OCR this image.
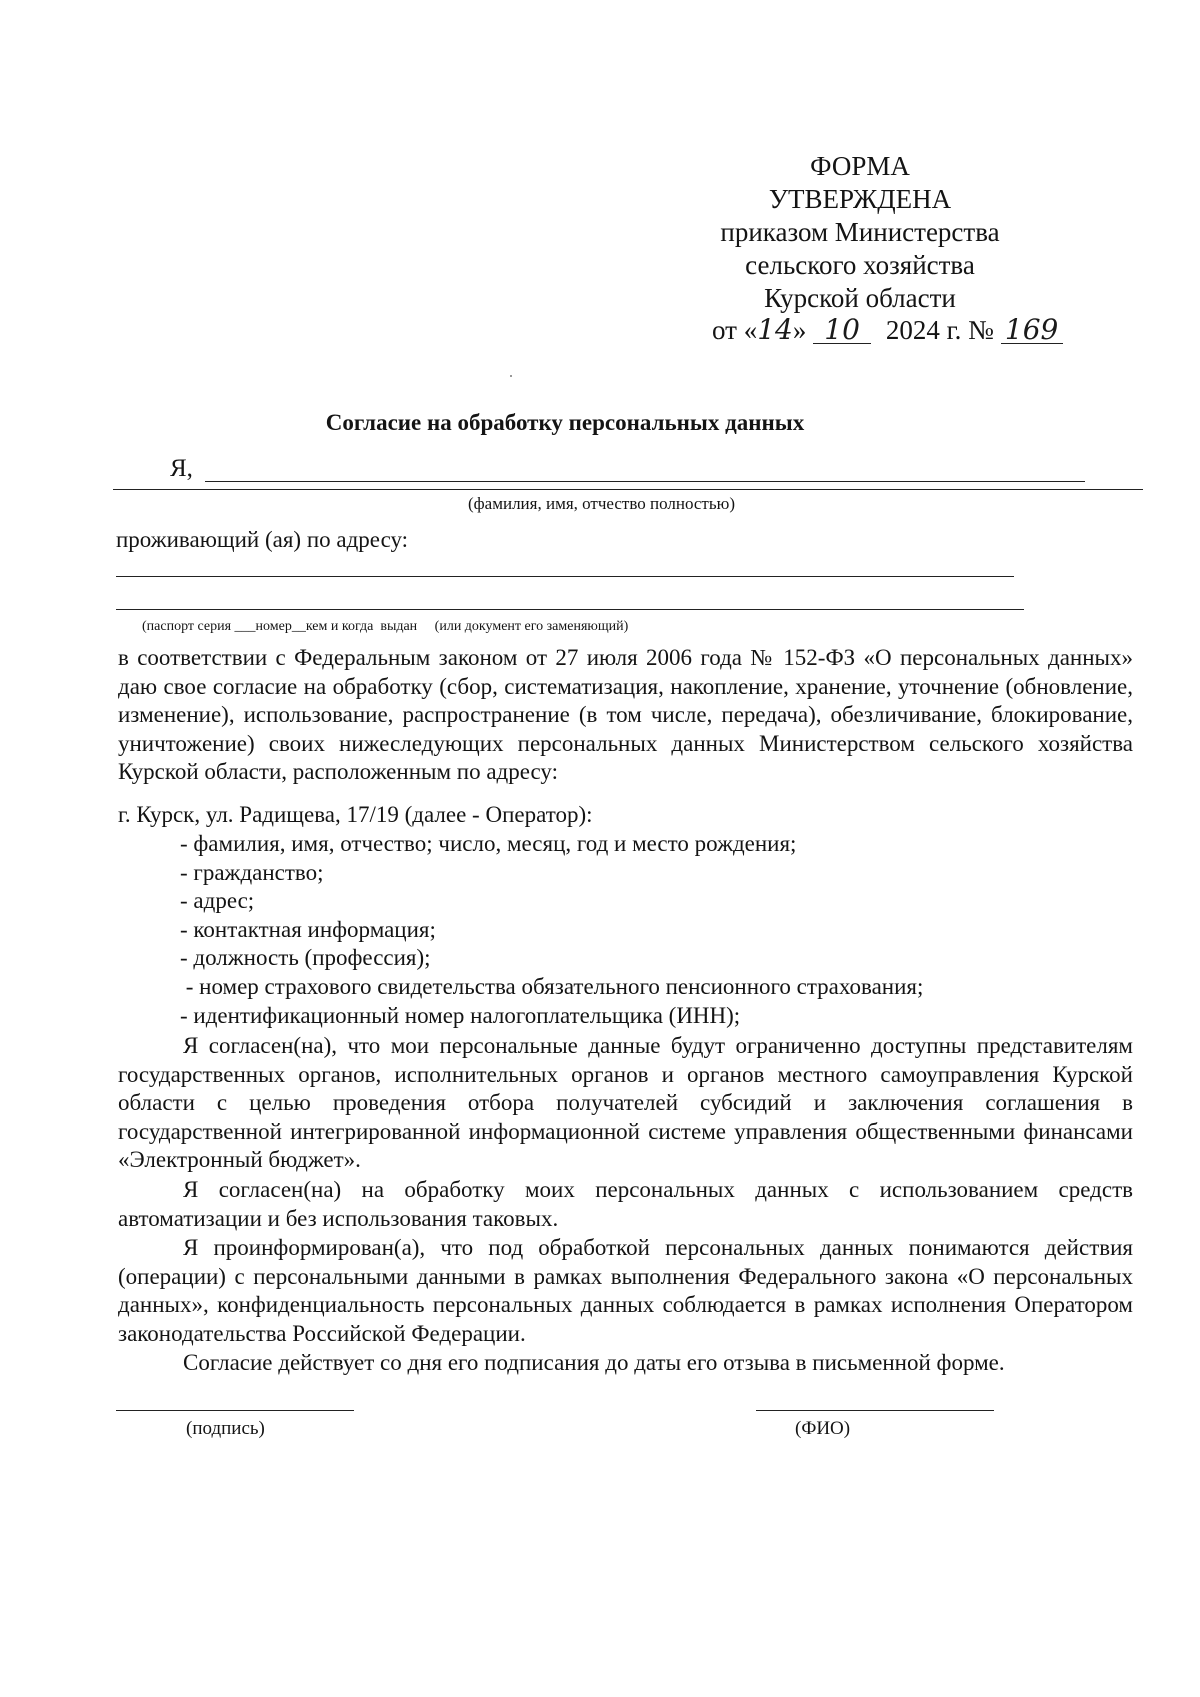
ФОРМА
УТВЕРЖДЕНА
приказом Министерства
сельского хозяйства
Курской области
от «14» 10 2024 г. № 169
Согласие на обработку персональных данных
Я,
(фамилия, имя, отчество полностью)
проживающий (ая) по адресу:
(паспорт серия ___номер__кем и когда  выдан     (или документ его заменяющий)
в соответствии с Федеральным законом от 27 июля 2006 года № 152-ФЗ «О персональных данных» даю свое согласие на обработку (сбор, систематизация, накопление, хранение, уточнение (обновление, изменение), использование, распространение (в том числе, передача), обезличивание, блокирование, уничтожение) своих нижеследующих персональных данных Министерством сельского хозяйства Курской области, расположенным по адресу:
г. Курск, ул. Радищева, 17/19 (далее - Оператор):
- фамилия, имя, отчество; число, месяц, год и место рождения;
- гражданство;
- адрес;
- контактная информация;
- должность (профессия);
- номер страхового свидетельства обязательного пенсионного страхования;
- идентификационный номер налогоплательщика (ИНН);
Я согласен(на), что мои персональные данные будут ограниченно доступны представителям государственных органов, исполнительных органов и органов местного самоуправления Курской области с целью проведения отбора получателей субсидий и заключения соглашения в государственной интегрированной информационной системе управления общественными финансами «Электронный бюджет».
Я согласен(на) на обработку моих персональных данных с использованием средств автоматизации и без использования таковых.
Я проинформирован(а), что под обработкой персональных данных понимаются действия (операции) с персональными данными в рамках выполнения Федерального закона «О персональных данных», конфиденциальность персональных данных соблюдается в рамках исполнения Оператором законодательства Российской Федерации.
Согласие действует со дня его подписания до даты его отзыва в письменной форме.
(подпись)	(ФИО)
